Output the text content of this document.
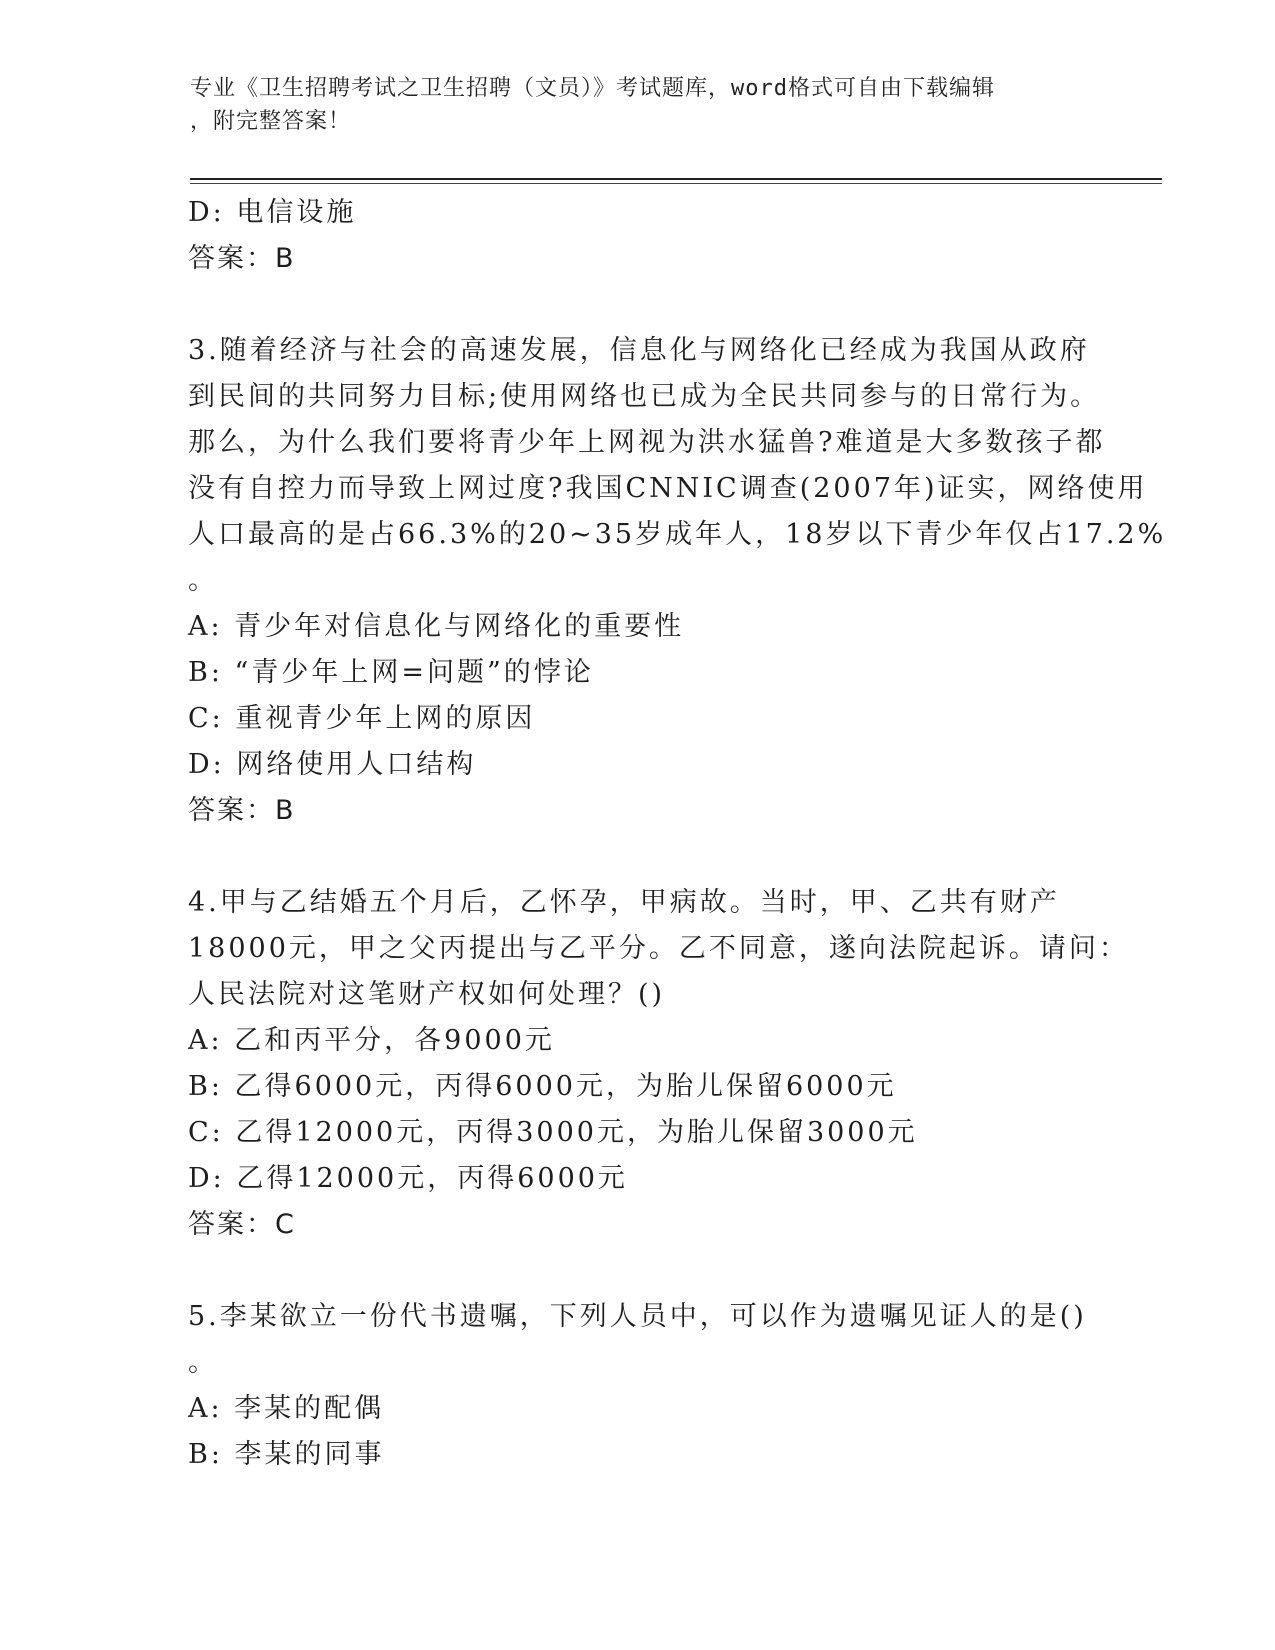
专业《卫生招聘考试之卫生招聘（文员）》考试题库，word格式可自由下载编辑
，附完整答案！
D: 电信设施
答案：B
3.随着经济与社会的高速发展，信息化与网络化已经成为我国从政府
到民间的共同努力目标;使用网络也已成为全民共同参与的日常行为。
那么，为什么我们要将青少年上网视为洪水猛兽?难道是大多数孩子都
没有自控力而导致上网过度?我国CNNIC调查(2007年)证实，网络使用
人口最高的是占66.3%的20~35岁成年人，18岁以下青少年仅占17.2%
。
A: 青少年对信息化与网络化的重要性
B: “青少年上网=问题”的悖论
C: 重视青少年上网的原因
D: 网络使用人口结构
答案：B
4.甲与乙结婚五个月后，乙怀孕，甲病故。当时，甲、乙共有财产
18000元，甲之父丙提出与乙平分。乙不同意，遂向法院起诉。请问：
人民法院对这笔财产权如何处理？()
A: 乙和丙平分，各9000元
B: 乙得6000元，丙得6000元，为胎儿保留6000元
C: 乙得12000元，丙得3000元，为胎儿保留3000元
D: 乙得12000元，丙得6000元
答案：C
5.李某欲立一份代书遗嘱，下列人员中，可以作为遗嘱见证人的是()
。
A: 李某的配偶
B: 李某的同事
